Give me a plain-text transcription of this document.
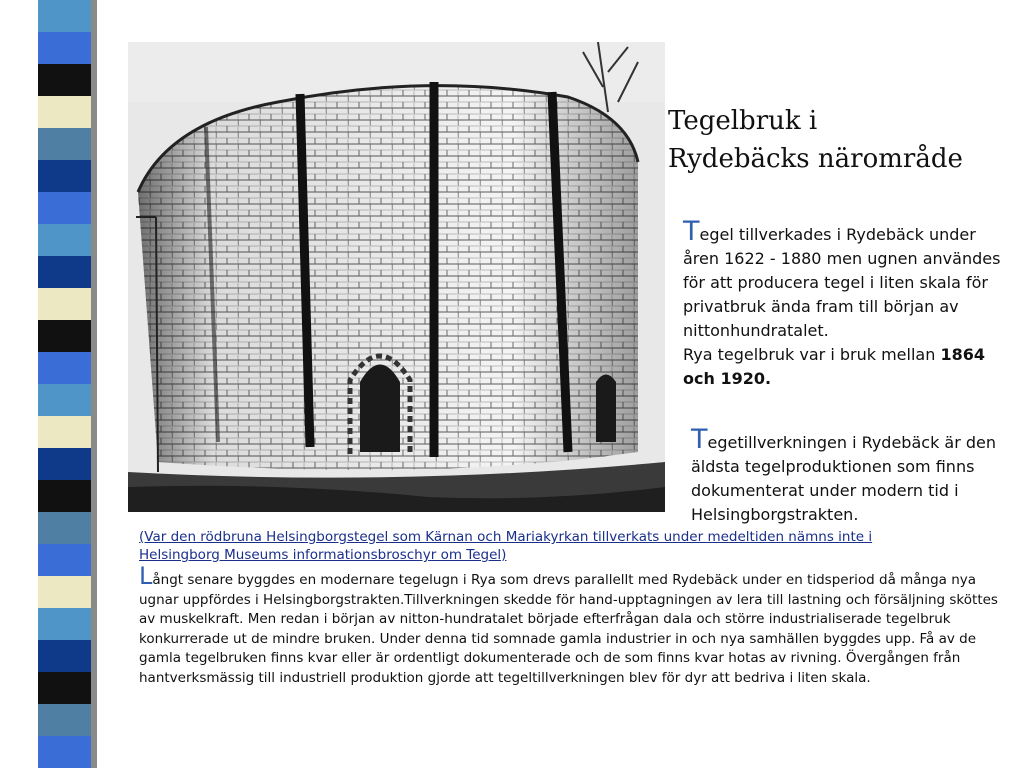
Tegelbruk i
Rydebäcks närområde

Tegel tillverkades i Rydebäck under åren 1622 - 1880 men ugnen användes för att producera tegel i liten skala för privatbruk ända fram till början av nittonhundratalet.
Rya tegelbruk var i bruk mellan 1864 och 1920.

Tegetillverkningen i Rydebäck är den äldsta tegelproduktionen som finns dokumenterat under modern tid i Helsingborgstrakten.

(Var den rödbruna Helsingborgstegel som Kärnan och Mariakyrkan tillverkats under medeltiden nämns inte i Helsingborg Museums informationsbroschyr om Tegel)

Långt senare byggdes en modernare tegelugn i Rya som drevs parallellt med Rydebäck under en tidsperiod då många nya ugnar uppfördes i Helsingborgstrakten.Tillverkningen skedde för hand-upptagningen av lera till lastning och försäljning sköttes av muskelkraft. Men redan i början av nitton-hundratalet började efterfrågan dala och större industrialiserade tegelbruk konkurrerade ut de mindre bruken. Under denna tid somnade gamla industrier in och nya samhällen byggdes upp. Få av de gamla tegelbruken finns kvar eller är ordentligt dokumenterade och de som finns kvar hotas av rivning. Övergången från hantverksmässig till industriell produktion gjorde att tegeltillverkningen blev för dyr att bedriva i liten skala.
